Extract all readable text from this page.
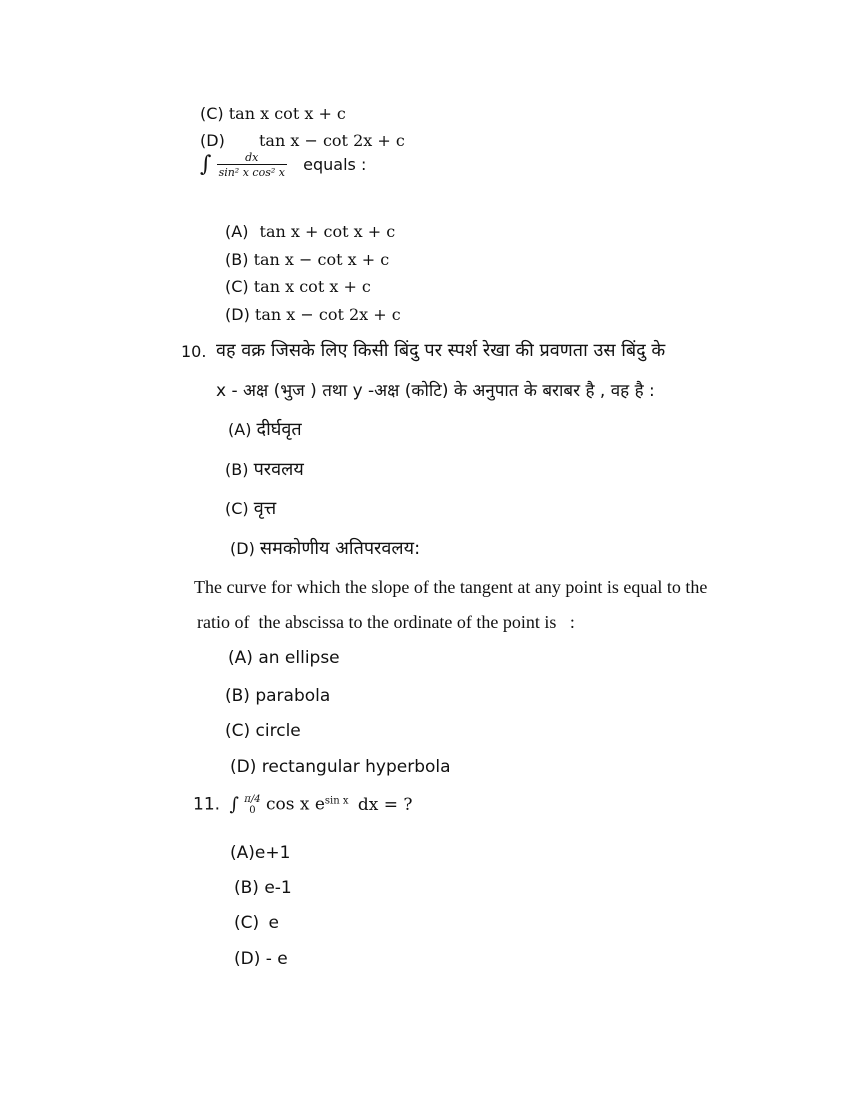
(C) tan x cot x + c
(D) tan x − cot 2x + c
∫ $\frac{dx}{\text{sin² x cos² x}}$ equals :
(A) tan x + cot x + c
(B) tan x − cot x + c
(C) tan x cot x + c
(D) tan x − cot 2x + c
10. वह वक्र जिसके लिए किसी बिंदु पर स्पर्श रेखा की प्रवणता उस बिंदु के
x - अक्ष (भुज ) तथा y -अक्ष (कोटि) के अनुपात के बराबर है , वह है :
(A) दीर्घवृत
(B) परवलय
(C) वृत्त
(D) समकोणीय अतिपरवलय:
The curve for which the slope of the tangent at any point is equal to the
ratio of  the abscissa to the ordinate of the point is   :
(A) an ellipse
(B) parabola
(C) circle
(D) rectangular hyperbola
11. ∫ π/4
0 cos x $e^{sin x}$ dx = ?
(A)e+1
(B) e-1
(C) e
(D) - e
